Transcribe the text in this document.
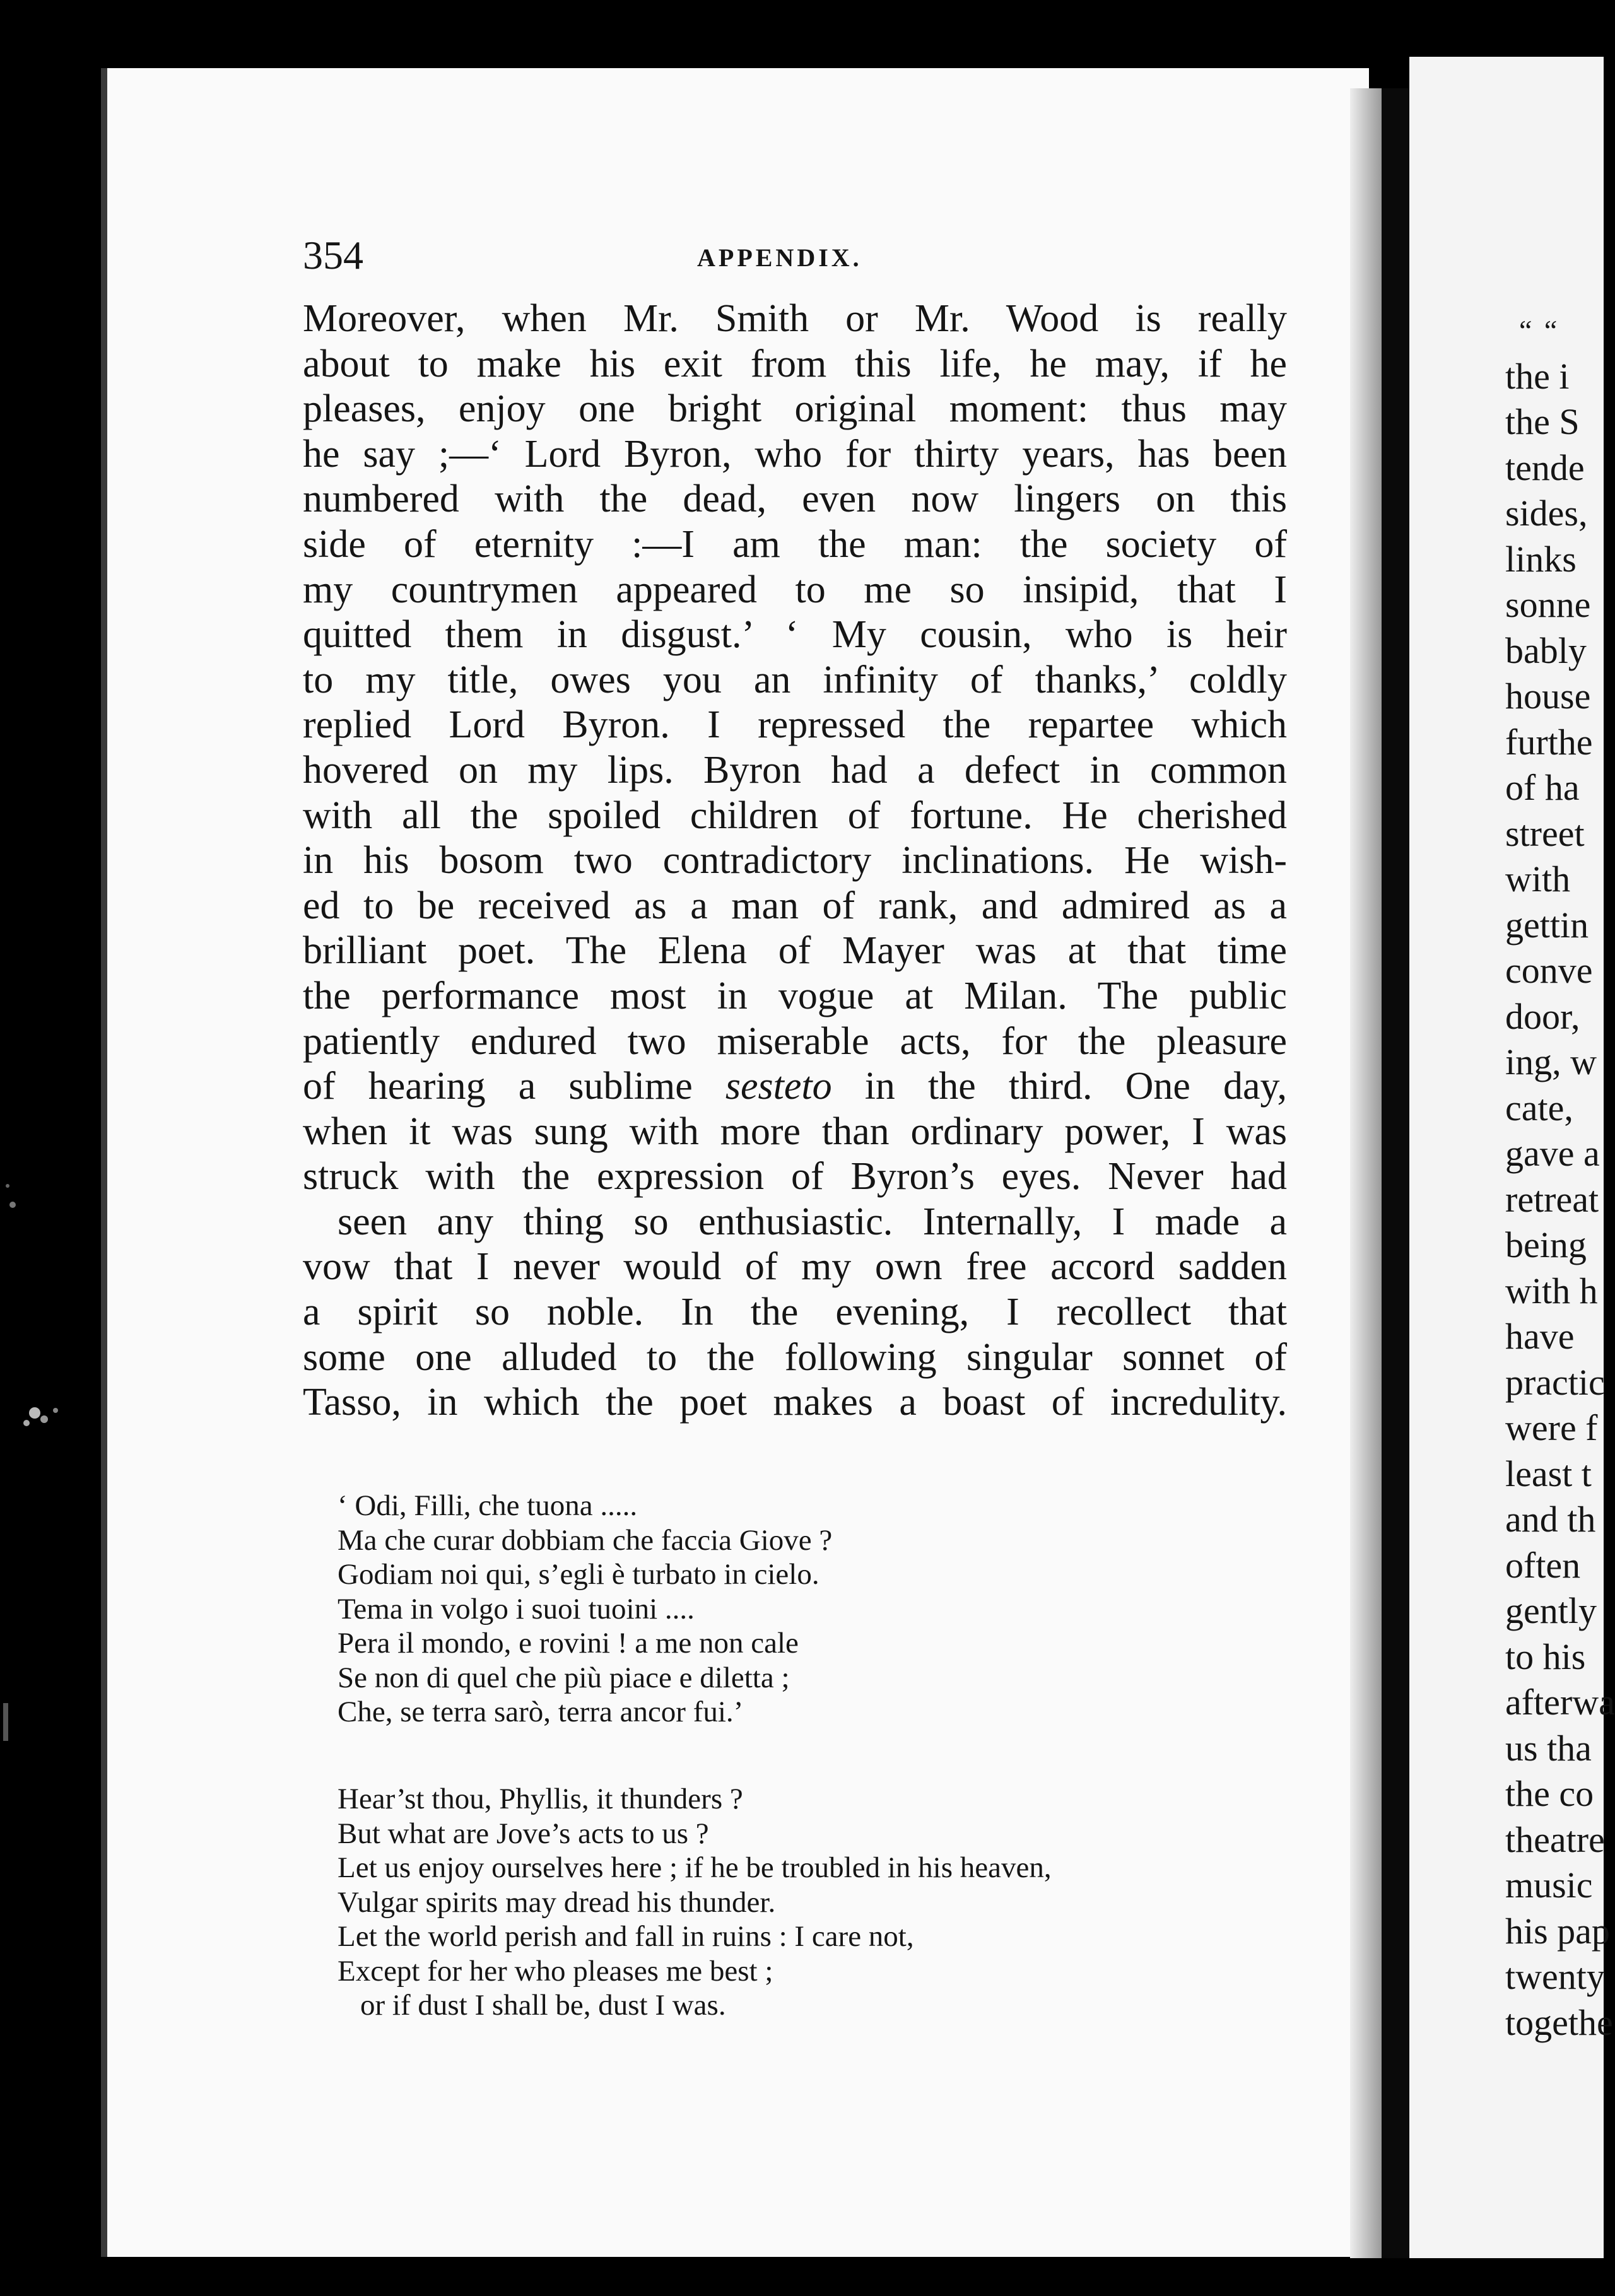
354	APPENDIX.
Moreover, when Mr. Smith or Mr. Wood is really
about to make his exit from this life, he may, if he
pleases, enjoy one bright original moment: thus may
he say ;—‘ Lord Byron, who for thirty years, has been
numbered with the dead, even now lingers on this
side of eternity :—I am the man: the society of
my countrymen appeared to me so insipid, that I
quitted them in disgust.’ ‘ My cousin, who is heir
to my title, owes you an infinity of thanks,’ coldly
replied Lord Byron. I repressed the repartee which
hovered on my lips. Byron had a defect in common
with all the spoiled children of fortune. He cherished
in his bosom two contradictory inclinations. He wish-
ed to be received as a man of rank, and admired as a
brilliant poet. The Elena of Mayer was at that time
the performance most in vogue at Milan. The public
patiently endured two miserable acts, for the pleasure
of hearing a sublime sesteto in the third. One day,
when it was sung with more than ordinary power, I was
struck with the expression of Byron’s eyes. Never had
seen any thing so enthusiastic. Internally, I made a
vow that I never would of my own free accord sadden
a spirit so noble. In the evening, I recollect that
some one alluded to the following singular sonnet of
Tasso, in which the poet makes a boast of incredulity.
‘ Odi, Filli, che tuona .....
Ma che curar dobbiam che faccia Giove ?
Godiam noi qui, s’egli è turbato in cielo.
Tema in volgo i suoi tuoini ....
Pera il mondo, e rovini ! a me non cale
Se non di quel che più piace e diletta ;
Che, se terra sarò, terra ancor fui.’
Hear’st thou, Phyllis, it thunders ?
But what are Jove’s acts to us ?
Let us enjoy ourselves here ; if he be troubled in his heaven,
Vulgar spirits may dread his thunder.
Let the world perish and fall in ruins : I care not,
Except for her who pleases me best ;
or if dust I shall be, dust I was.
“ “
the i
the S
tende
sides,
links
sonne
bably
house
furthe
of ha
street
with
gettin
conve
door,
ing, w
cate,
gave a
retreat
being
with h
have
practic
were f
least t
and th
often
gently
to his
afterwa
us tha
the co
theatre
music
his pap
twenty
togethe
